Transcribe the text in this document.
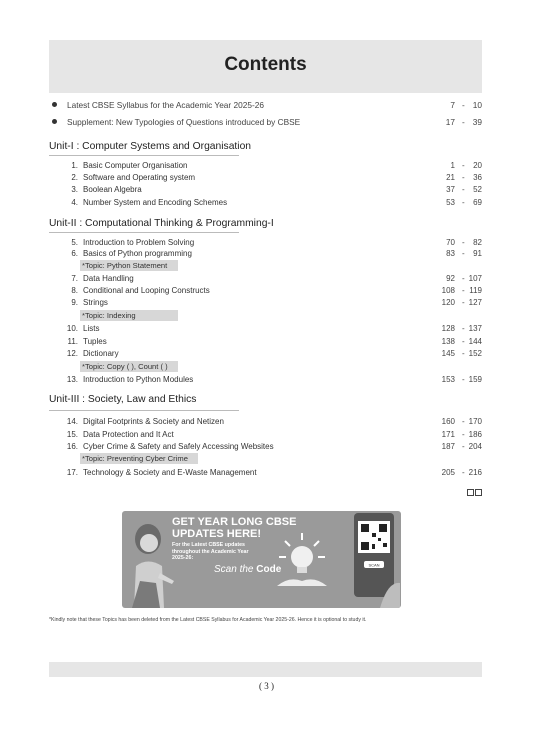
Contents
Latest CBSE Syllabus for the Academic Year 2025-26	7 - 10
Supplement: New Typologies of Questions introduced by CBSE	17 - 39
Unit-I : Computer Systems and Organisation
1. Basic Computer Organisation	1 - 20
2. Software and Operating system	21 - 36
3. Boolean Algebra	37 - 52
4. Number System and Encoding Schemes	53 - 69
Unit-II : Computational Thinking & Programming-I
5. Introduction to Problem Solving	70 - 82
6. Basics of Python programming	83 - 91
*Topic: Python Statement
7. Data Handling	92 - 107
8. Conditional and Looping Constructs	108 - 119
9. Strings	120 - 127
*Topic: Indexing
10. Lists	128 - 137
11. Tuples	138 - 144
12. Dictionary	145 - 152
*Topic: Copy ( ), Count ( )
13. Introduction to Python Modules	153 - 159
Unit-III : Society, Law and Ethics
14. Digital Footprints & Society and Netizen	160 - 170
15. Data Protection and It Act	171 - 186
16. Cyber Crime & Safety and Safely Accessing Websites	187 - 204
*Topic: Preventing Cyber Crime
17. Technology & Society and E-Waste Management	205 - 216
GET YEAR LONG CBSE UPDATES HERE!
For the Latest CBSE updates throughout the Academic Year 2025-26:
Scan the Code	SCAN
*Kindly note that these Topics has been deleted from the Latest CBSE Syllabus for Academic Year 2025-26. Hence it is optional to study it.
( 3 )
